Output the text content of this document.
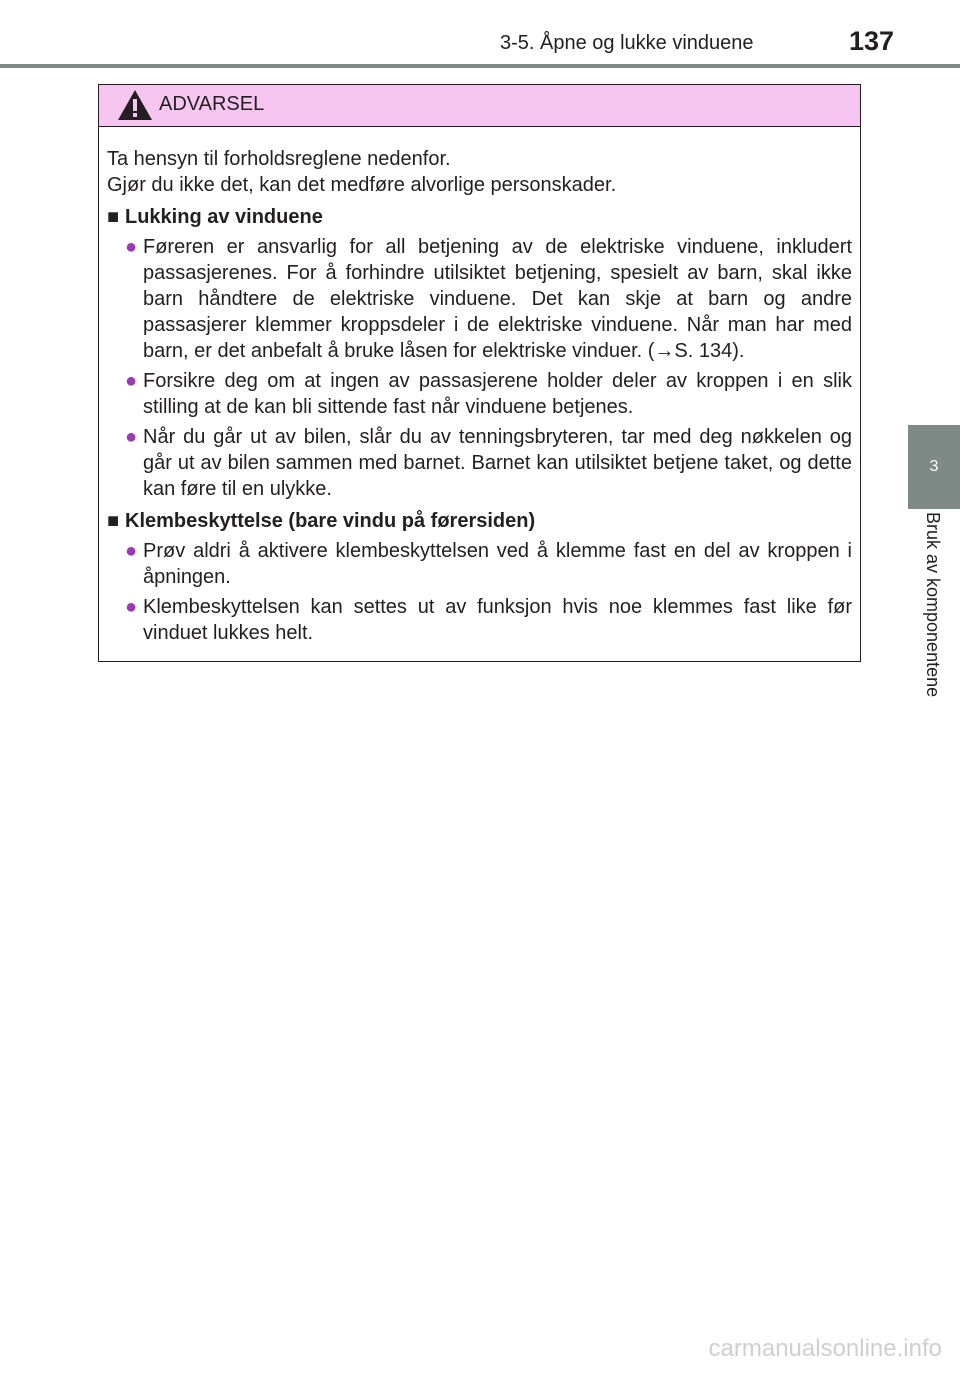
3-5. Åpne og lukke vinduene	137
3
Bruk av komponentene
ADVARSEL

Ta hensyn til forholdsreglene nedenfor.

Gjør du ikke det, kan det medføre alvorlige personskader.

■ Lukking av vinduene
● Føreren er ansvarlig for all betjening av de elektriske vinduene, inkludert passasjerenes. For å forhindre utilsiktet betjening, spesielt av barn, skal ikke barn håndtere de elektriske vinduene. Det kan skje at barn og andre passasjerer klemmer kroppsdeler i de elektriske vinduene. Når man har med barn, er det anbefalt å bruke låsen for elektriske vinduer. (→S. 134).
● Forsikre deg om at ingen av passasjerene holder deler av kroppen i en slik stilling at de kan bli sittende fast når vinduene betjenes.
● Når du går ut av bilen, slår du av tenningsbryteren, tar med deg nøkkelen og går ut av bilen sammen med barnet. Barnet kan utilsiktet betjene taket, og dette kan føre til en ulykke.
■ Klembeskyttelse (bare vindu på førersiden)
● Prøv aldri å aktivere klembeskyttelsen ved å klemme fast en del av kroppen i åpningen.
● Klembeskyttelsen kan settes ut av funksjon hvis noe klemmes fast like før vinduet lukkes helt.
carmanualsonline.info
